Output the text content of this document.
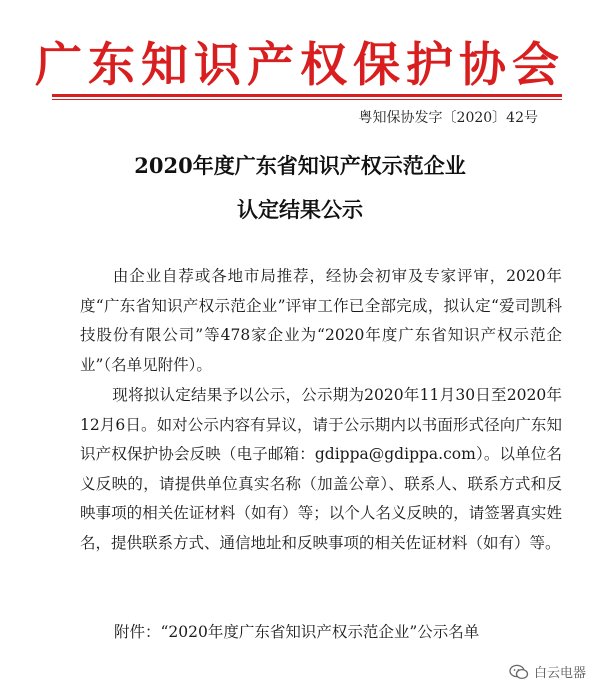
广东知识产权保护协会
粤知保协发字〔2020〕42号
2020年度广东省知识产权示范企业
认定结果公示
由企业自荐或各地市局推荐，经协会初审及专家评审，2020年度“广东省知识产权示范企业”评审工作已全部完成，拟认定“爱司凯科技股份有限公司”等478家企业为“2020年度广东省知识产权示范企业”（名单见附件）。
现将拟认定结果予以公示，公示期为2020年11月30日至2020年12月6日。如对公示内容有异议，请于公示期内以书面形式径向广东知识产权保护协会反映（电子邮箱：gdippa@gdippa.com）。以单位名义反映的，请提供单位真实名称（加盖公章）、联系人、联系方式和反映事项的相关佐证材料（如有）等；以个人名义反映的，请签署真实姓名，提供联系方式、通信地址和反映事项的相关佐证材料（如有）等。
附件：“2020年度广东省知识产权示范企业”公示名单
白云电器
